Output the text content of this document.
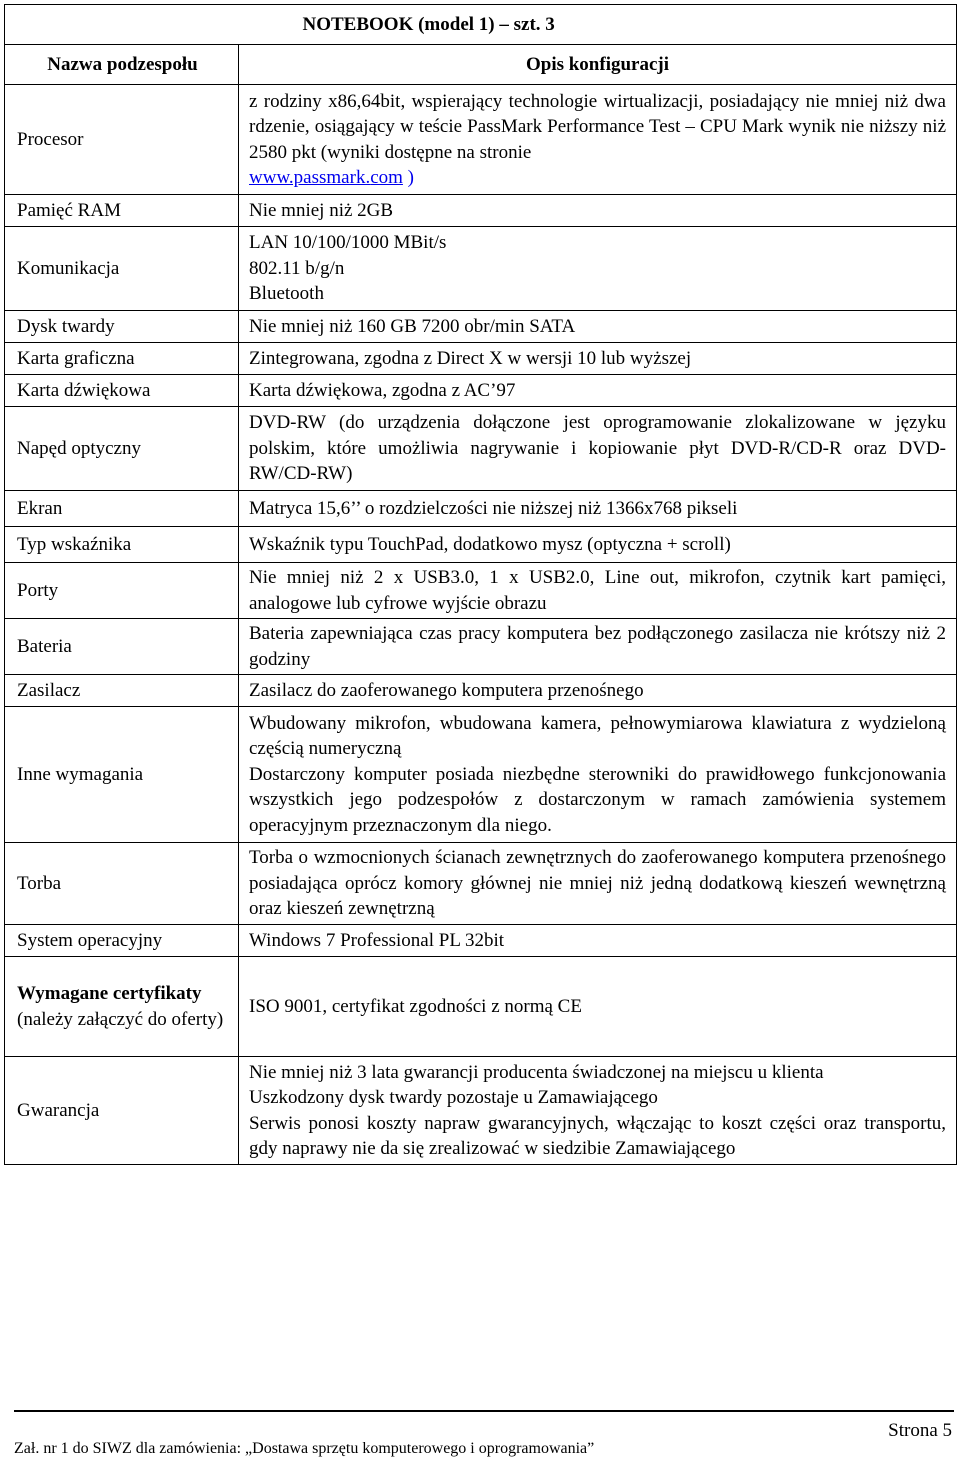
	NOTEBOOK (model 1) – szt. 3
Nazwa podzespołu	Opis konfiguracji
Procesor	z rodziny x86,64bit, wspierający technologie wirtualizacji, posiadający nie mniej niż dwa rdzenie, osiągający w teście PassMark Performance Test – CPU Mark wynik nie niższy niż 2580 pkt (wyniki dostępne na stronie
www.passmark.com )

Pamięć RAM	Nie mniej niż 2GB
Komunikacja	LAN 10/100/1000 MBit/s
802.11 b/g/n
Bluetooth

Dysk twardy	Nie mniej niż 160 GB 7200 obr/min SATA
Karta graficzna	Zintegrowana, zgodna z Direct X w wersji 10 lub wyższej
Karta dźwiękowa	Karta dźwiękowa, zgodna z AC’97
Napęd optyczny	DVD-RW (do urządzenia dołączone jest oprogramowanie zlokalizowane w języku polskim, które umożliwia nagrywanie i kopiowanie płyt DVD-R/CD-R oraz DVD-RW/CD-RW)
Ekran	Matryca 15,6’’ o rozdzielczości nie niższej niż 1366x768 pikseli
Typ wskaźnika	Wskaźnik typu TouchPad, dodatkowo mysz (optyczna + scroll)
Porty	Nie mniej niż 2 x USB3.0, 1 x USB2.0, Line out, mikrofon, czytnik kart pamięci, analogowe lub cyfrowe wyjście obrazu
Bateria	Bateria zapewniająca czas pracy komputera bez podłączonego zasilacza nie krótszy niż 2 godziny
Zasilacz	Zasilacz do zaoferowanego komputera przenośnego
Inne wymagania	Wbudowany mikrofon, wbudowana kamera, pełnowymiarowa klawiatura z wydzieloną częścią numeryczną
Dostarczony komputer posiada niezbędne sterowniki do prawidłowego funkcjonowania wszystkich jego podzespołów z dostarczonym w ramach zamówienia systemem operacyjnym przeznaczonym dla niego.

Torba	Torba o wzmocnionych ścianach zewnętrznych do zaoferowanego komputera przenośnego posiadająca oprócz komory głównej nie mniej niż jedną dodatkową kieszeń wewnętrzną oraz kieszeń zewnętrzną
System operacyjny	Windows 7 Professional PL 32bit

Wymagane certyfikaty
(należy załączyć do oferty)	ISO 9001, certyfikat zgodności z normą CE
Gwarancja	Nie mniej niż 3 lata gwarancji producenta świadczonej na miejscu u klienta
Uszkodzony dysk twardy pozostaje u Zamawiającego
Serwis ponosi koszty napraw gwarancyjnych, włączając to koszt części oraz transportu, gdy naprawy nie da się zrealizować w siedzibie Zamawiającego
Strona 5
Zał. nr 1 do SIWZ dla zamówienia: „Dostawa sprzętu komputerowego i oprogramowania”
